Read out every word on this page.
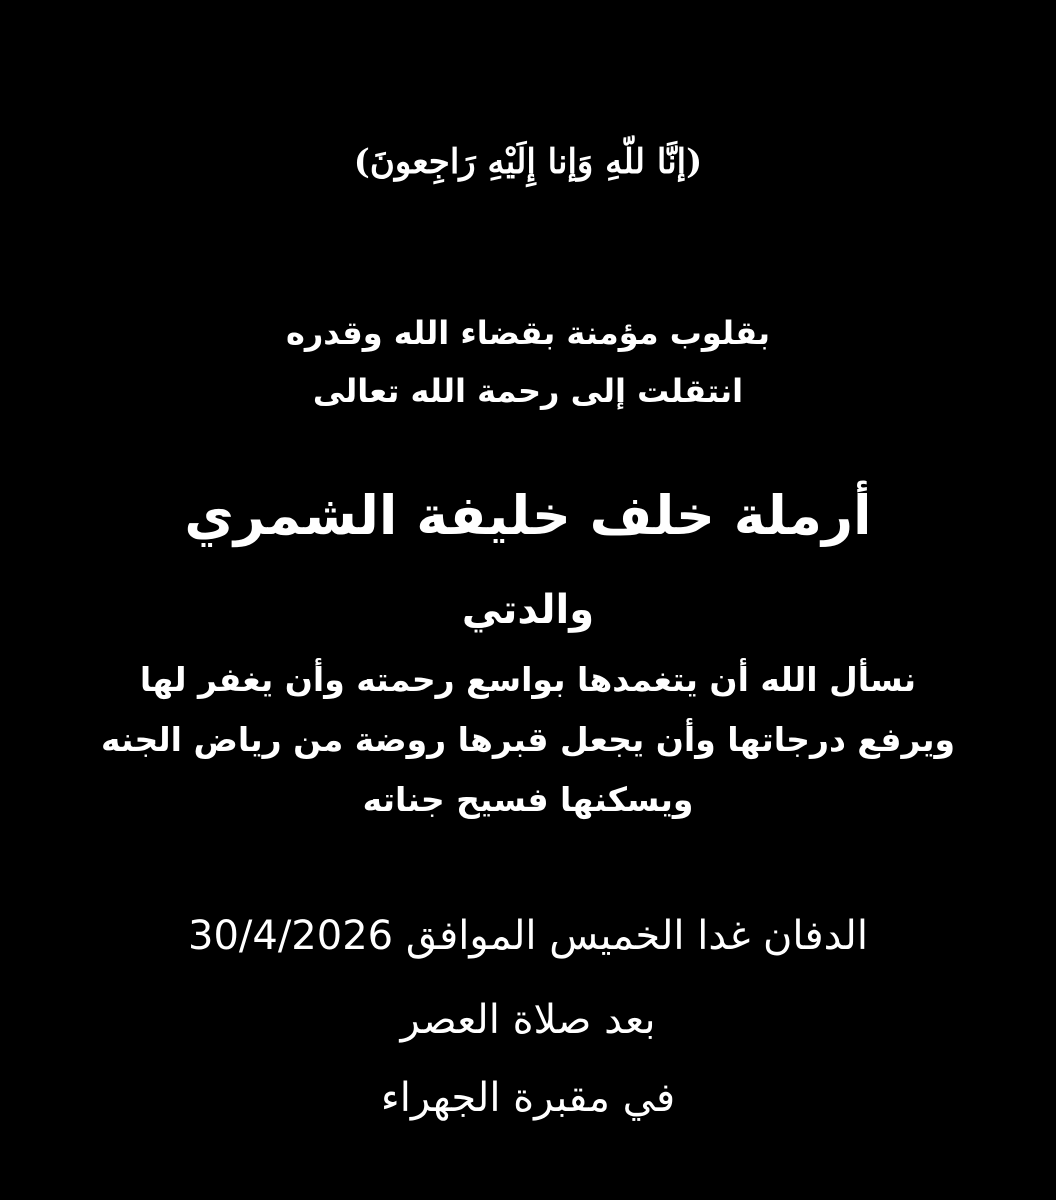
(إنَّا للّهِ وَإنا إِلَيْهِ رَاجِعونَ)
بقلوب مؤمنة بقضاء الله وقدره
انتقلت إلى رحمة الله تعالى
أرملة خلف خليفة الشمري
والدتي
نسأل الله أن يتغمدها بواسع رحمته وأن يغفر لها
ويرفع درجاتها وأن يجعل قبرها روضة من رياض الجنه
ويسكنها فسيح جناته
الدفان غدا الخميس الموافق 30/4/2026
بعد صلاة العصر
في مقبرة الجهراء
